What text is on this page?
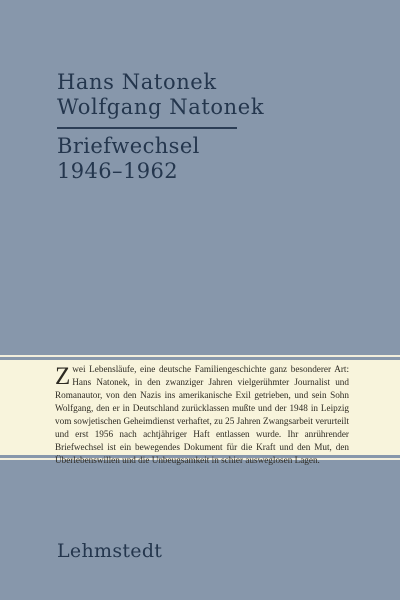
Hans Natonek
Wolfgang Natonek
Briefwechsel
1946–1962
Zwei Lebensläufe, eine deutsche Familiengeschichte ganz besonderer Art: Hans Natonek, in den zwanziger Jahren vielgerühmter Journalist und Romanautor, von den Nazis ins amerikanische Exil getrieben, und sein Sohn Wolfgang, den er in Deutschland zurücklassen mußte und der 1948 in Leipzig vom sowjetischen Geheimdienst verhaftet, zu 25 Jahren Zwangsarbeit verurteilt und erst 1956 nach achtjähriger Haft entlassen wurde. Ihr anrührender Briefwechsel ist ein bewegendes Dokument für die Kraft und den Mut, den Überlebenswillen und die Unbeugsamkeit in schier ausweglosen Lagen.
Lehmstedt
